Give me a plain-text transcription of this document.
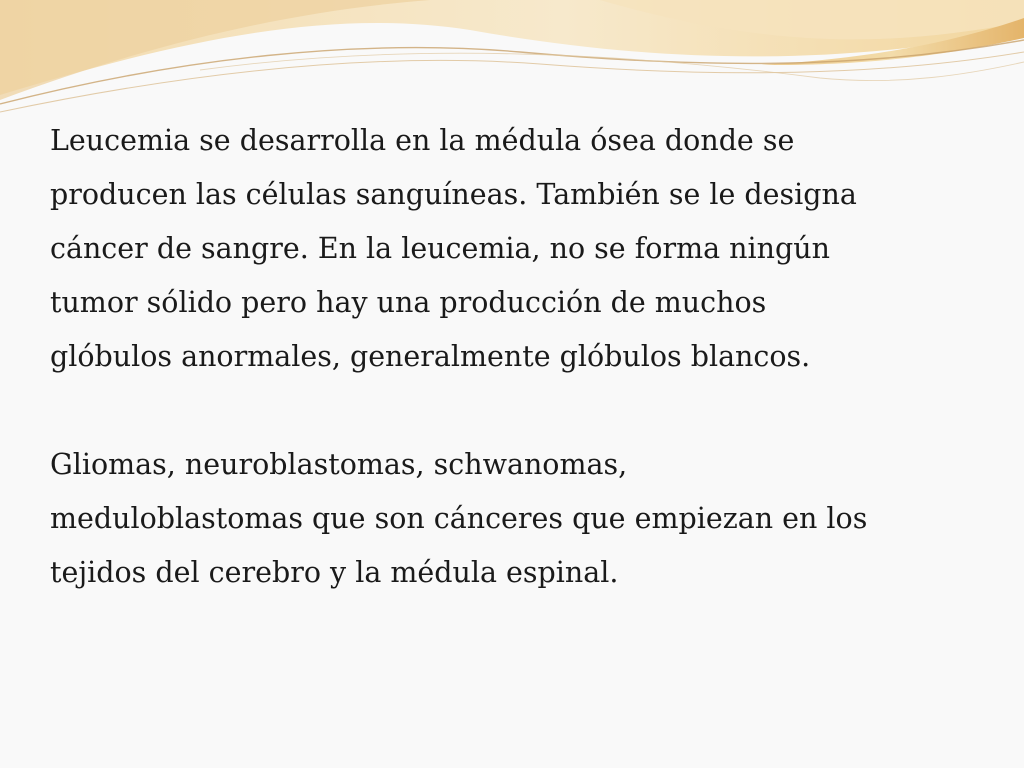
Leucemia se desarrolla en la médula ósea donde se
producen las células sanguíneas. También se le designa
cáncer de sangre. En la leucemia, no se forma ningún
tumor sólido pero hay una producción de muchos
glóbulos anormales, generalmente glóbulos blancos.

Gliomas, neuroblastomas, schwanomas,
meduloblastomas que son cánceres que empiezan en los
tejidos del cerebro y la médula espinal.
